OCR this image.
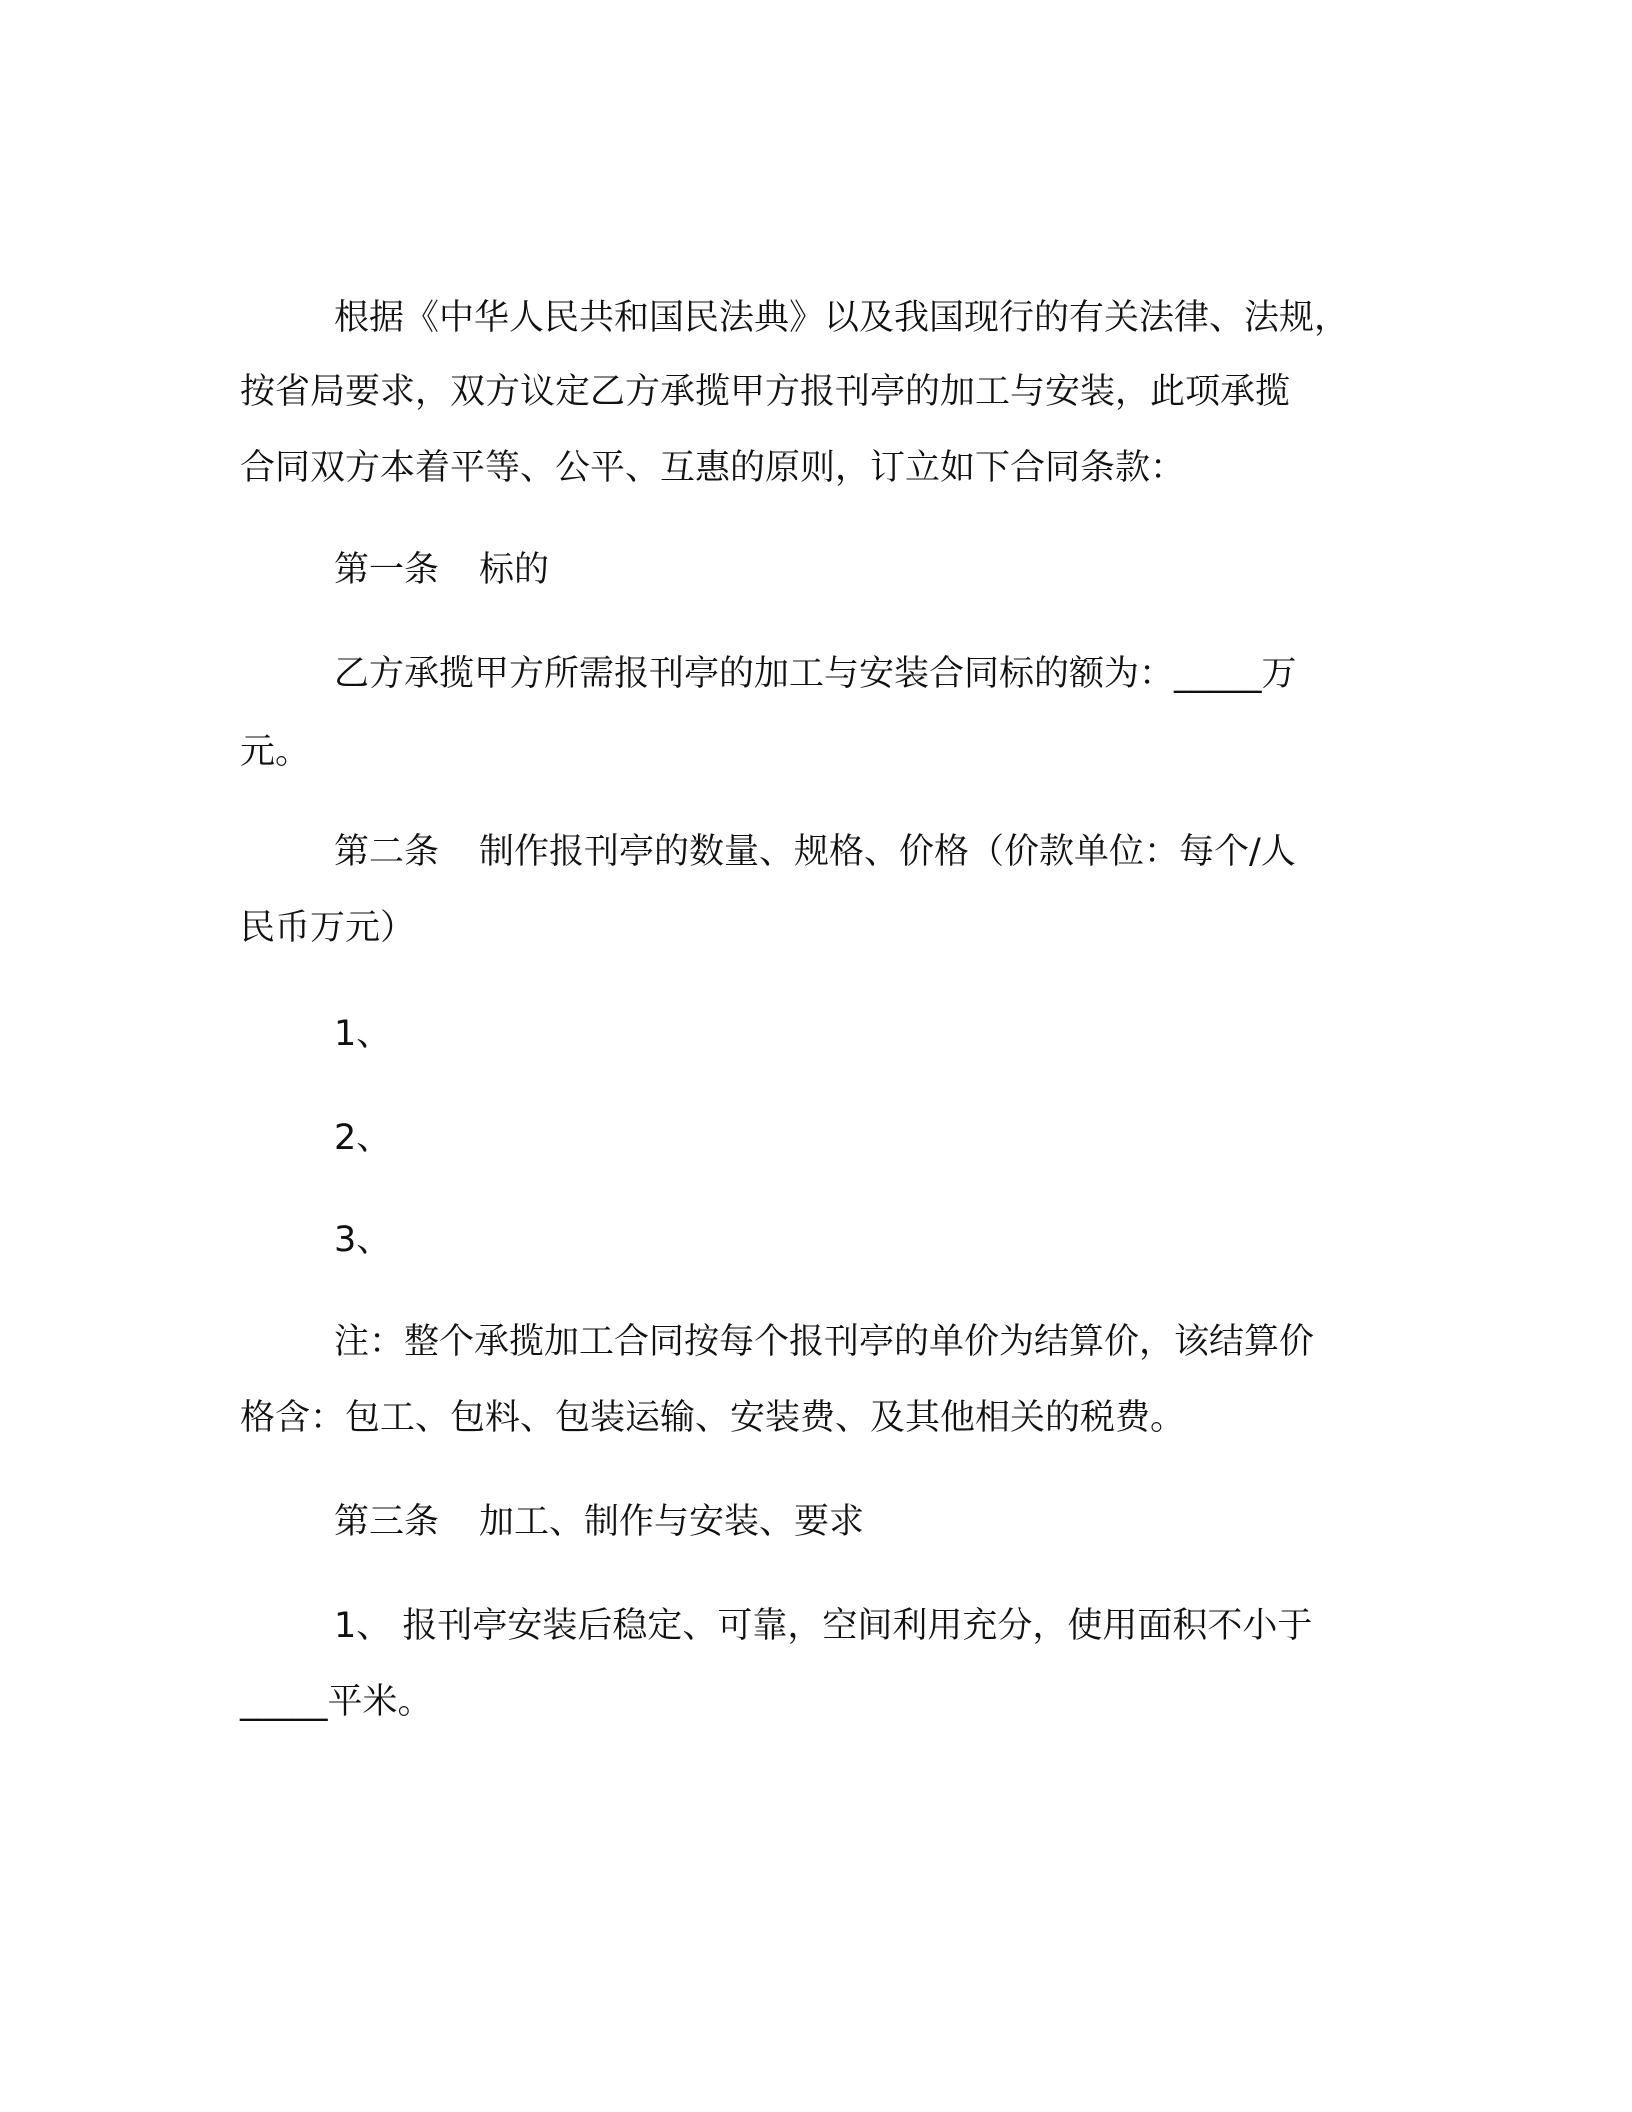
根据《中华人民共和国民法典》以及我国现行的有关法律、法规，
按省局要求，双方议定乙方承揽甲方报刊亭的加工与安装，此项承揽
合同双方本着平等、公平、互惠的原则，订立如下合同条款：
第一条 标的
乙方承揽甲方所需报刊亭的加工与安装合同标的额为：_____万
元。
第二条 制作报刊亭的数量、规格、价格（价款单位：每个/人
民币万元）
1、
2、
3、
注：整个承揽加工合同按每个报刊亭的单价为结算价，该结算价
格含：包工、包料、包装运输、安装费、及其他相关的税费。
第三条 加工、制作与安装、要求
1、 报刊亭安装后稳定、可靠，空间利用充分，使用面积不小于
_____平米。
